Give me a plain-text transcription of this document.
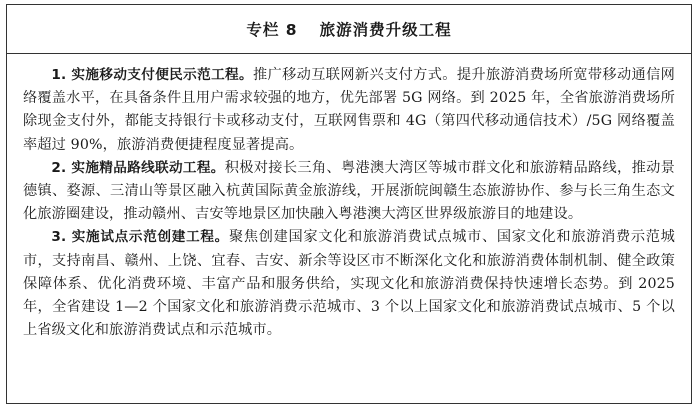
专栏 8 旅游消费升级工程

1. 实施移动支付便民示范工程。推广移动互联网新兴支付方式。提升旅游消费场所宽带移动通信网络覆盖水平，在具备条件且用户需求较强的地方，优先部署 5G 网络。到 2025 年，全省旅游消费场所除现金支付外，都能支持银行卡或移动支付，互联网售票和 4G（第四代移动通信技术）/5G 网络覆盖率超过 90%，旅游消费便捷程度显著提高。

2. 实施精品路线联动工程。积极对接长三角、粤港澳大湾区等城市群文化和旅游精品路线，推动景德镇、婺源、三清山等景区融入杭黄国际黄金旅游线，开展浙皖闽赣生态旅游协作、参与长三角生态文化旅游圈建设，推动赣州、吉安等地景区加快融入粤港澳大湾区世界级旅游目的地建设。

3. 实施试点示范创建工程。聚焦创建国家文化和旅游消费试点城市、国家文化和旅游消费示范城市，支持南昌、赣州、上饶、宜春、吉安、新余等设区市不断深化文化和旅游消费体制机制、健全政策保障体系、优化消费环境、丰富产品和服务供给，实现文化和旅游消费保持快速增长态势。到 2025 年，全省建设 1—2 个国家文化和旅游消费示范城市、3 个以上国家文化和旅游消费试点城市、5 个以上省级文化和旅游消费试点和示范城市。
